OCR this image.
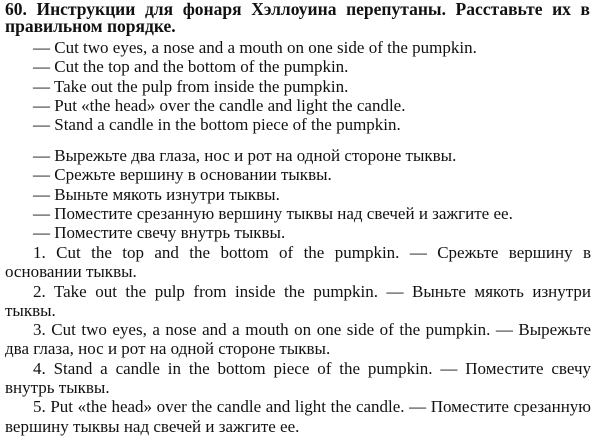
60. Инструкции для фонаря Хэллоуина перепутаны. Расставьте их в правильном порядке.
— Cut two eyes, a nose and a mouth on one side of the pumpkin.
— Cut the top and the bottom of the pumpkin.
— Take out the pulp from inside the pumpkin.
— Put «the head» over the candle and light the candle.
— Stand a candle in the bottom piece of the pumpkin.
— Вырежьте два глаза, нос и рот на одной стороне тыквы.
— Срежьте вершину в основании тыквы.
— Выньте мякоть изнутри тыквы.
— Поместите срезанную вершину тыквы над свечей и зажгите ее.
— Поместите свечу внутрь тыквы.

1. Cut the top and the bottom of the pumpkin. — Срежьте вершину в основании тыквы.

2. Take out the pulp from inside the pumpkin. — Выньте мякоть изнутри тыквы.

3. Cut two eyes, a nose and a mouth on one side of the pumpkin. — Вырежьте два глаза, нос и рот на одной стороне тыквы.

4. Stand a candle in the bottom piece of the pumpkin. — Поместите свечу внутрь тыквы.

5. Put «the head» over the candle and light the candle. — Поместите срезанную вершину тыквы над свечей и зажгите ее.
